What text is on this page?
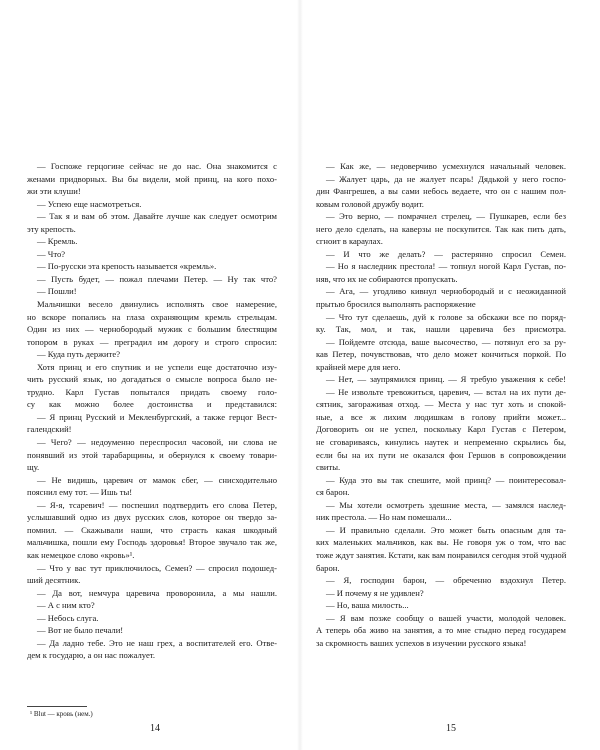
— Госпоже герцогине сейчас не до нас. Она знакомится с
женами придворных. Вы бы видели, мой принц, на кого похо-
жи эти клуши!
— Успею еще насмотреться.
— Так я и вам об этом. Давайте лучше как следует осмотрим
эту крепость.
— Кремль.
— Что?
— По-русски эта крепость называется «кремль».
— Пусть будет, — пожал плечами Петер. — Ну так что?
— Пошли!
Мальчишки весело двинулись исполнять свое намерение,
но вскоре попались на глаза охраняющим кремль стрельцам.
Один из них — чернобородый мужик с большим блестящим
топором в руках — преградил им дорогу и строго спросил:
— Куда путь держите?
Хотя принц и его спутник и не успели еще достаточно изу-
чить русский язык, но догадаться о смысле вопроса было не-
трудно. Карл Густав попытался придать своему голо-
су как можно более достоинства и представился:
— Я принц Русский и Мекленбургский, а также герцог Вест-
галендский!
— Чего? — недоуменно переспросил часовой, ни слова не
понявший из этой тарабарщины, и обернулся к своему товари-
щу.
— Не видишь, царевич от мамок сбег, — снисходительно
пояснил ему тот. — Ишь ты!
— Я-я, тсаревич! — поспешил подтвердить его слова Петер,
услышавший одно из двух русских слов, которое он твердо за-
помнил. — Скажывали наши, что страсть какая шкодный
мальчишка, пошли ему Господь здоровья! Второе звучало так же,
как немецкое слово «кровь»¹.
— Что у вас тут приключилось, Семен? — спросил подошед-
ший десятник.
— Да вот, немчура царевича проворонила, а мы нашли.
— А с ним кто?
— Небось слуга.
— Вот не было печали!
— Да ладно тебе. Это не наш грех, а воспитателей его. Отве-
дем к государю, а он нас пожалует.
— Как же, — недоверчиво усмехнулся начальный человек.
— Жалует царь, да не жалует псарь! Дядькой у него госпо-
дин Фангрешев, а вы сами небось ведаете, что он с нашим пол-
ковым головой дружбу водит.
— Это верно, — помрачнел стрелец, — Пушкарев, если без
него дело сделать, на каверзы не поскупится. Так как пить дать,
сгноит в караулах.
— И что же делать? — растерянно спросил Семен.
— Но я наследник престола! — топнул ногой Карл Густав, по-
няв, что их не собираются пропускать.
— Ага, — угодливо кивнул чернобородый и с неожиданной
прытью бросился выполнять распоряжение
— Что тут сделаешь, дуй к голове за обскажи все по поряд-
ку. Так, мол, и так, нашли царевича без присмотра.
— Пойдемте отсюда, ваше высочество, — потянул его за ру-
кав Петер, почувствовав, что дело может кончиться поркой. По
крайней мере для него.
— Нет, — заупрямился принц. — Я требую уважения к себе!
— Не извольте тревожиться, царевич, — встал на их пути де-
сятник, загораживая отход. — Места у нас тут хоть и спокой-
ные, а все ж лихим людишкам в голову прийти может...
Договорить он не успел, поскольку Карл Густав с Петером,
не сговариваясь, кинулись наутек и непременно скрылись бы,
если бы на их пути не оказался фон Гершов в сопровождении
свиты.
— Куда это вы так спешите, мой принц? — поинтересовал-
ся барон.
— Мы хотели осмотреть здешние места, — замялся наслед-
ник престола. — Но нам помешали...
— И правильно сделали. Это может быть опасным для та-
ких маленьких мальчиков, как вы. Не говоря уж о том, что вас
тоже ждут занятия. Кстати, как вам понравился сегодня этой чудной
барон.
— Я, господин барон, — обреченно вздохнул Петер.
— И почему я не удивлен?
— Но, ваша милость...
— Я вам позже сообщу о вашей участи, молодой человек.
А теперь оба живо на занятия, а то мне стыдно перед государем
за скромность ваших успехов в изучении русского языка!
¹ Blut — кровь (нем.)
14	15
